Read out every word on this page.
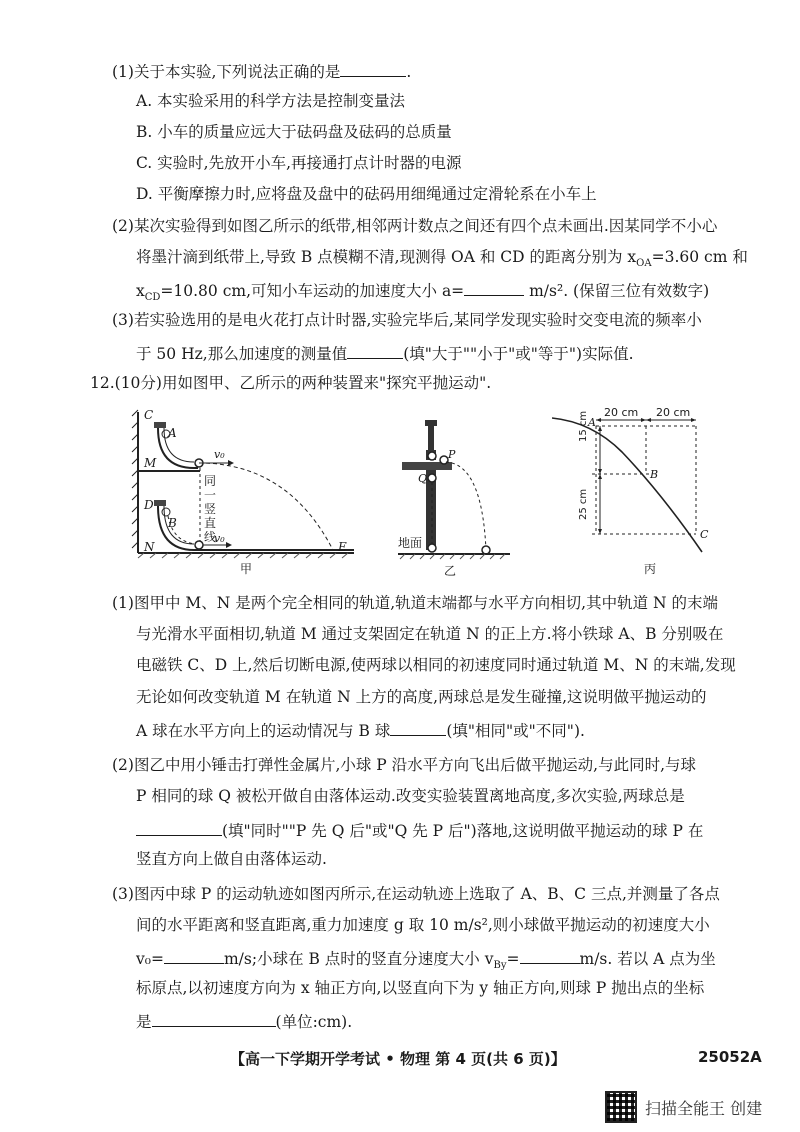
(1)关于本实验,下列说法正确的是	.
A. 本实验采用的科学方法是控制变量法
B. 小车的质量应远大于砝码盘及砝码的总质量
C. 实验时,先放开小车,再接通打点计时器的电源
D. 平衡摩擦力时,应将盘及盘中的砝码用细绳通过定滑轮系在小车上
(2)某次实验得到如图乙所示的纸带,相邻两计数点之间还有四个点未画出.因某同学不小心
将墨汁滴到纸带上,导致 B 点模糊不清,现测得 OA 和 CD 的距离分别为 $x_{OA}=3.60$ cm 和
$x_{CD}=10.80$ cm,可知小车运动的加速度大小 a=	m/s². (保留三位有效数字)
(3)若实验选用的是电火花打点计时器,实验完毕后,某同学发现实验时交变电流的频率小
于 50 Hz,那么加速度的测量值	(填"大于""小于"或"等于")实际值.
12.(10分)用如图甲、乙所示的两种装置来"探究平抛运动".
C
A
M
v₀
D
B
N
v₀
E
同
一
竖
直
线
甲
P
Q
地面
乙
A
B
C
20 cm 20 cm
15 cm
25 cm
丙
(1)图甲中 M、N 是两个完全相同的轨道,轨道末端都与水平方向相切,其中轨道 N 的末端
与光滑水平面相切,轨道 M 通过支架固定在轨道 N 的正上方.将小铁球 A、B 分别吸在
电磁铁 C、D 上,然后切断电源,使两球以相同的初速度同时通过轨道 M、N 的末端,发现
无论如何改变轨道 M 在轨道 N 上方的高度,两球总是发生碰撞,这说明做平抛运动的
A 球在水平方向上的运动情况与 B 球	(填"相同"或"不同").
(2)图乙中用小锤击打弹性金属片,小球 P 沿水平方向飞出后做平抛运动,与此同时,与球
P 相同的球 Q 被松开做自由落体运动.改变实验装置离地高度,多次实验,两球总是
(填"同时""P 先 Q 后"或"Q 先 P 后")落地,这说明做平抛运动的球 P 在
竖直方向上做自由落体运动.
(3)图丙中球 P 的运动轨迹如图丙所示,在运动轨迹上选取了 A、B、C 三点,并测量了各点
间的水平距离和竖直距离,重力加速度 g 取 10 m/s²,则小球做平抛运动的初速度大小
v₀=	m/s;小球在 B 点时的竖直分速度大小 $v_{By}=$	m/s. 若以 A 点为坐
标原点,以初速度方向为 x 轴正方向,以竖直向下为 y 轴正方向,则球 P 抛出点的坐标
是	(单位:cm).
【高一下学期开学考试 • 物理 第 4 页(共 6 页)】	25052A
扫描全能王 创建
